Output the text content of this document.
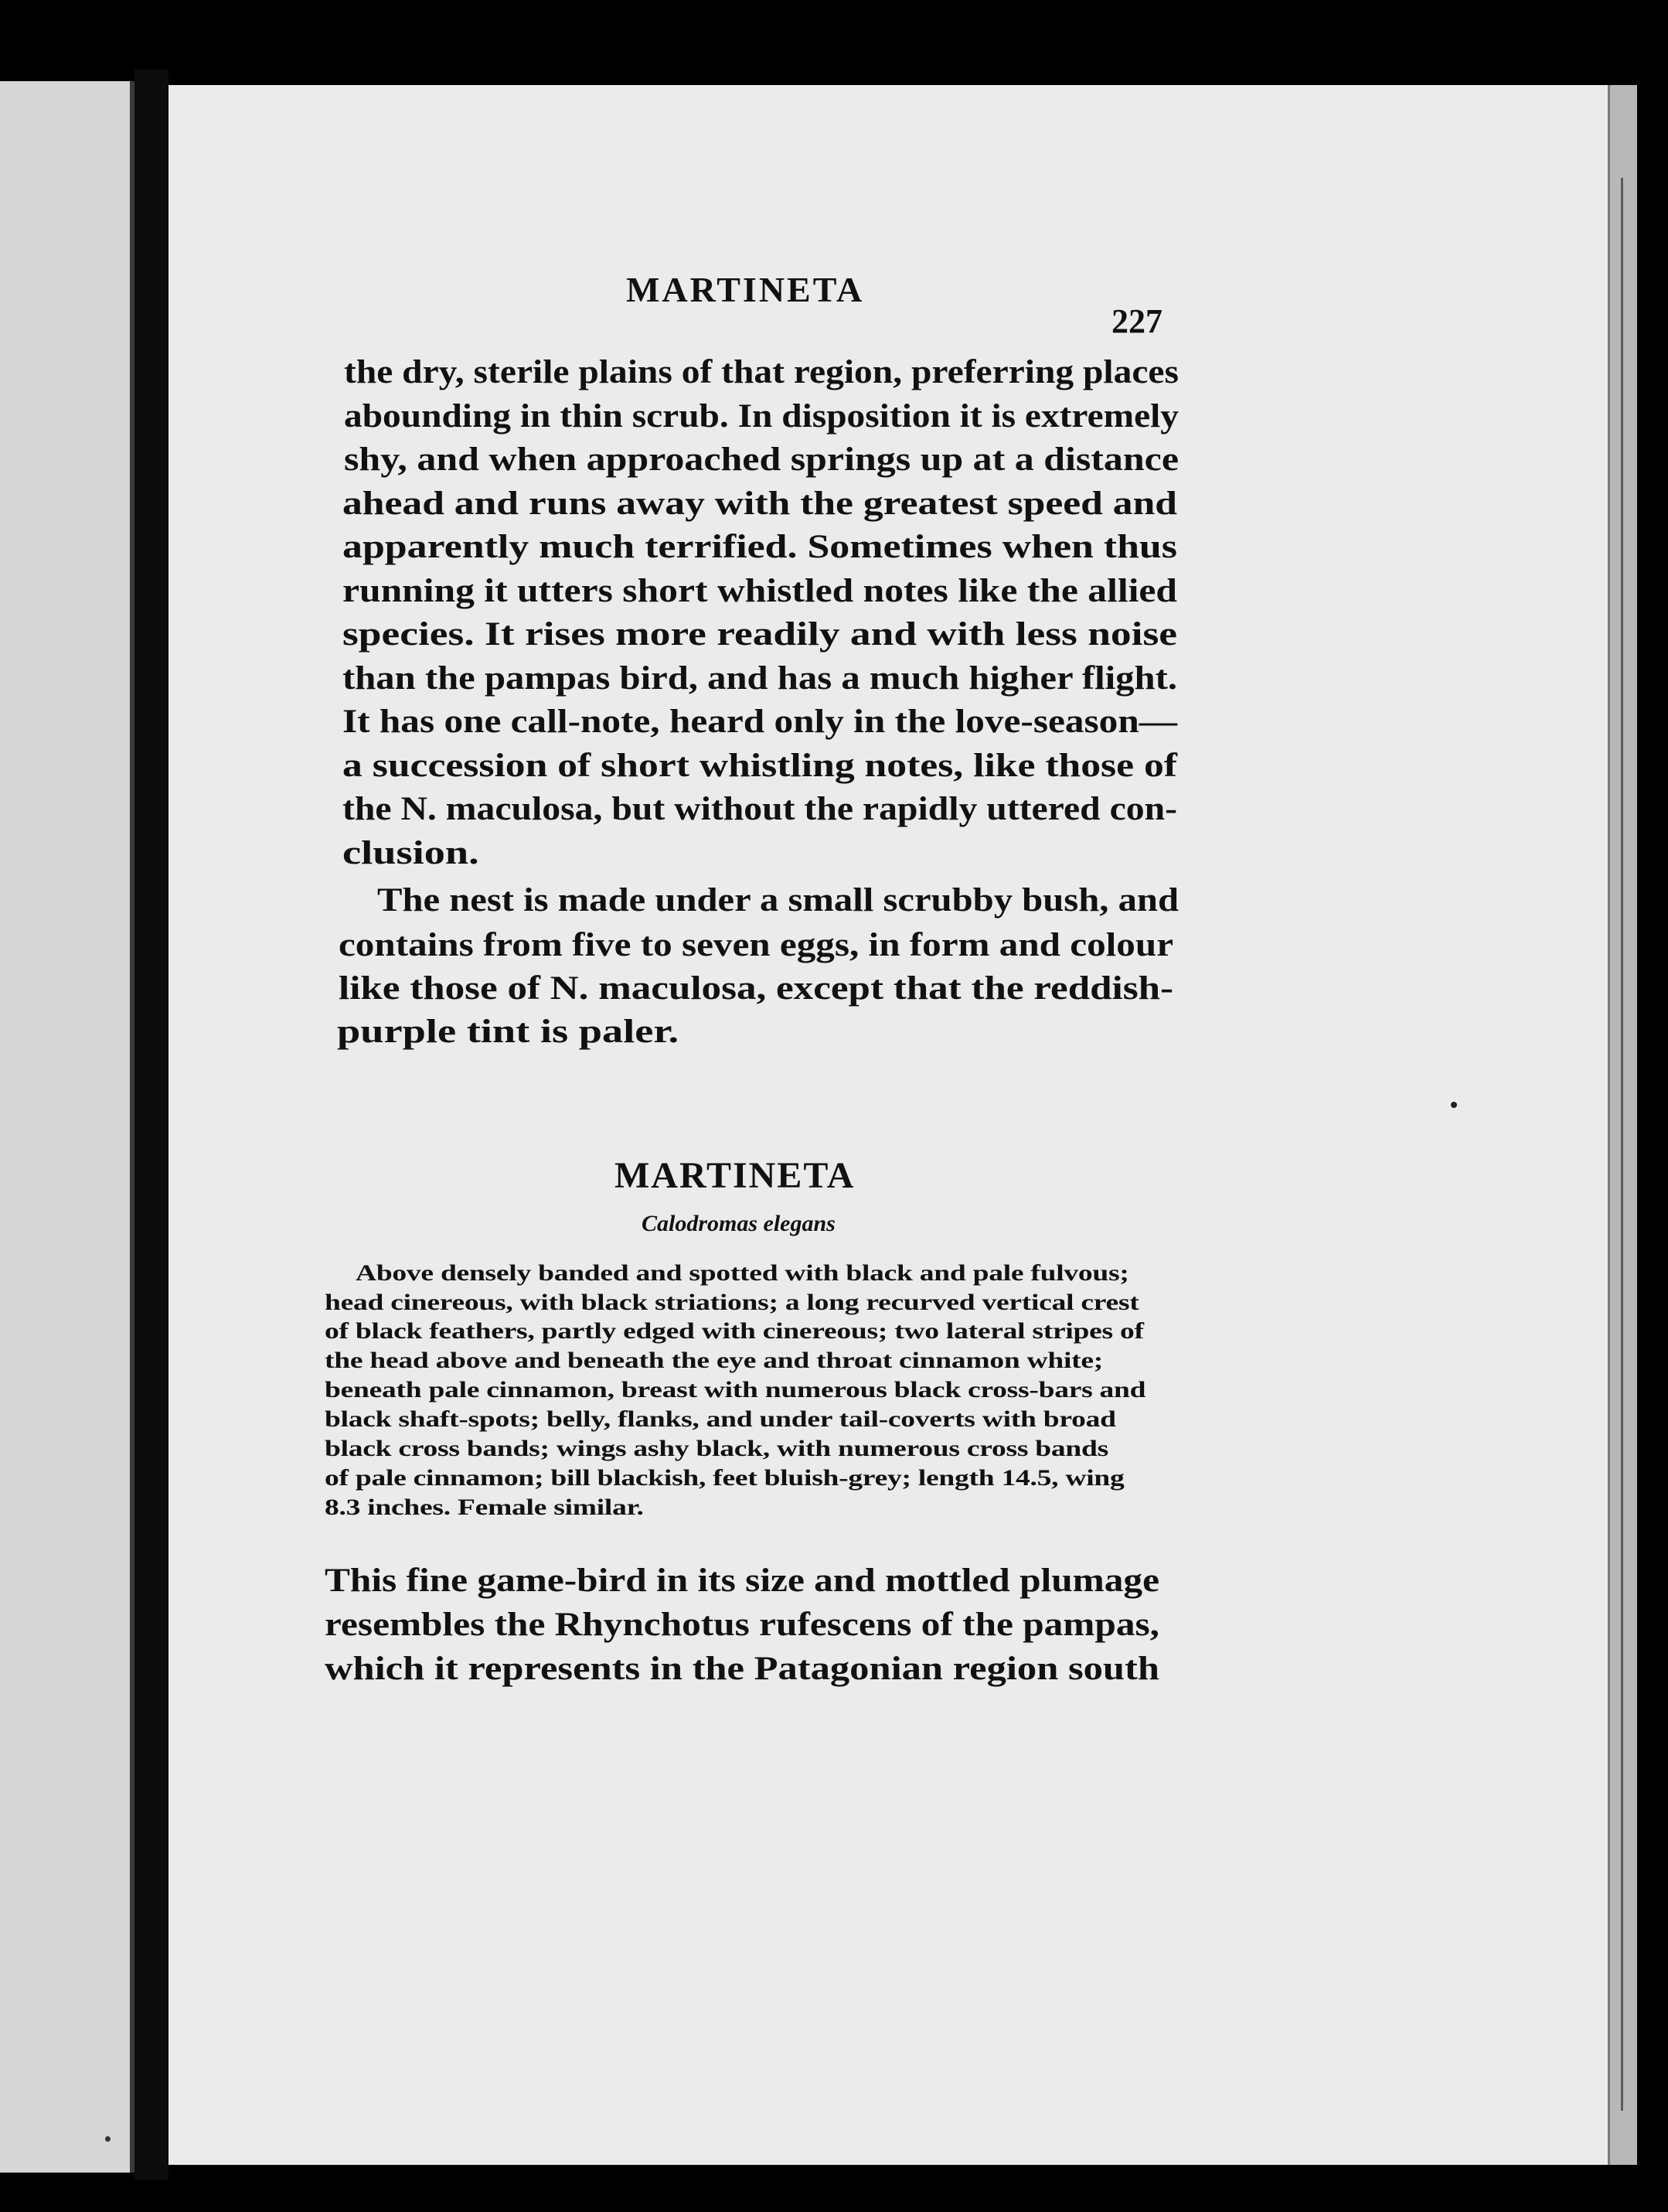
MARTINETA
227
the dry, sterile plains of that region, preferring places
abounding in thin scrub. In disposition it is extremely
shy, and when approached springs up at a distance
ahead and runs away with the greatest speed and
apparently much terrified. Sometimes when thus
running it utters short whistled notes like the allied
species. It rises more readily and with less noise
than the pampas bird, and has a much higher flight.
It has one call-note, heard only in the love-season—
a succession of short whistling notes, like those of
the N. maculosa, but without the rapidly uttered con-
clusion.
The nest is made under a small scrubby bush, and
contains from five to seven eggs, in form and colour
like those of N. maculosa, except that the reddish-
purple tint is paler.
MARTINETA
Calodromas elegans
Above densely banded and spotted with black and pale fulvous;
head cinereous, with black striations; a long recurved vertical crest
of black feathers, partly edged with cinereous; two lateral stripes of
the head above and beneath the eye and throat cinnamon white;
beneath pale cinnamon, breast with numerous black cross-bars and
black shaft-spots; belly, flanks, and under tail-coverts with broad
black cross bands; wings ashy black, with numerous cross bands
of pale cinnamon; bill blackish, feet bluish-grey; length 14.5, wing
8.3 inches. Female similar.
This fine game-bird in its size and mottled plumage
resembles the Rhynchotus rufescens of the pampas,
which it represents in the Patagonian region south
